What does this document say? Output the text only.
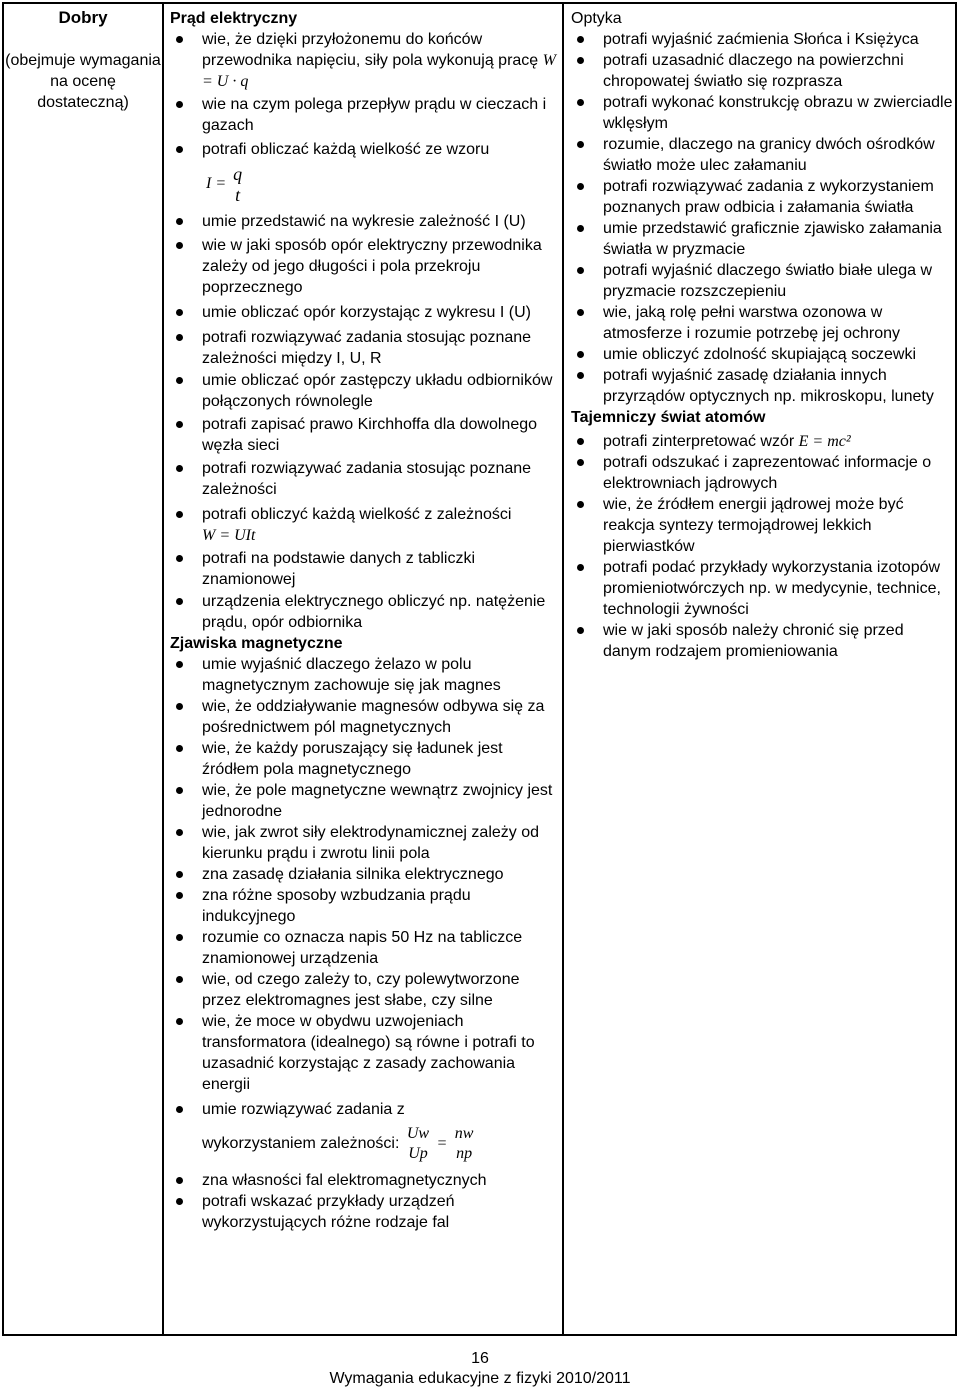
Dobry
(obejmuje wymagania na ocenę dostateczną)
Prąd elektryczny
wie, że dzięki przyłożonemu do końców przewodnika napięciu, siły pola wykonują pracę W = U · q
wie na czym polega przepływ prądu w cieczach i gazach
potrafi obliczać każdą wielkość ze wzoru
$I = \frac{q}{t}$
umie przedstawić na wykresie zależność I (U)
wie w jaki sposób opór elektryczny przewodnika zależy od jego długości i pola przekroju poprzecznego
umie obliczać opór korzystając z wykresu I (U)
potrafi rozwiązywać zadania stosując poznane zależności między I, U, R
umie obliczać opór zastępczy układu odbiorników połączonych równolegle
potrafi zapisać prawo Kirchhoffa dla dowolnego węzła sieci
potrafi rozwiązywać zadania stosując poznane zależności
potrafi obliczyć każdą wielkość z zależności
W = UIt
potrafi na podstawie danych z tabliczki znamionowej
urządzenia elektrycznego obliczyć np. natężenie prądu, opór odbiornika
Zjawiska magnetyczne
umie wyjaśnić dlaczego żelazo w polu magnetycznym zachowuje się jak magnes
wie, że oddziaływanie magnesów odbywa się za pośrednictwem pól magnetycznych
wie, że każdy poruszający się ładunek jest źródłem pola magnetycznego
wie, że pole magnetyczne wewnątrz zwojnicy jest jednorodne
wie, jak zwrot siły elektrodynamicznej zależy od kierunku prądu i zwrotu linii pola
zna zasadę działania silnika elektrycznego
zna różne sposoby wzbudzania prądu indukcyjnego
rozumie co oznacza napis 50 Hz na tabliczce znamionowej urządzenia
wie, od czego zależy to, czy polewytworzone przez elektromagnes jest słabe, czy silne
wie, że moce w obydwu uzwojeniach transformatora (idealnego) są równe i potrafi to uzasadnić korzystając z zasady zachowania energii
umie rozwiązywać zadania z
wykorzystaniem zależności:
Uw
Up
=
nw
np
zna własności fal elektromagnetycznych
potrafi wskazać przykłady urządzeń wykorzystujących różne rodzaje fal
Optyka
potrafi wyjaśnić zaćmienia Słońca i Księżyca
potrafi uzasadnić dlaczego na powierzchni chropowatej światło się rozprasza
potrafi wykonać konstrukcję obrazu w zwierciadle wklęsłym
rozumie, dlaczego na granicy dwóch ośrodków światło może ulec załamaniu
potrafi rozwiązywać zadania z wykorzystaniem poznanych praw odbicia i załamania światła
umie przedstawić graficznie zjawisko załamania światła w pryzmacie
potrafi wyjaśnić dlaczego światło białe ulega w pryzmacie rozszczepieniu
wie, jaką rolę pełni warstwa ozonowa w atmosferze i rozumie potrzebę jej ochrony
umie obliczyć zdolność skupiającą soczewki
potrafi wyjaśnić zasadę działania innych przyrządów optycznych np. mikroskopu, lunety
Tajemniczy świat atomów
potrafi zinterpretować wzór E = mc²
potrafi odszukać i zaprezentować informacje o elektrowniach jądrowych
wie, że źródłem energii jądrowej może być reakcja syntezy termojądrowej lekkich pierwiastków
potrafi podać przykłady wykorzystania izotopów promieniotwórczych np. w medycynie, technice, technologii żywności
wie w jaki sposób należy chronić się przed danym rodzajem promieniowania
16
Wymagania edukacyjne z fizyki 2010/2011
